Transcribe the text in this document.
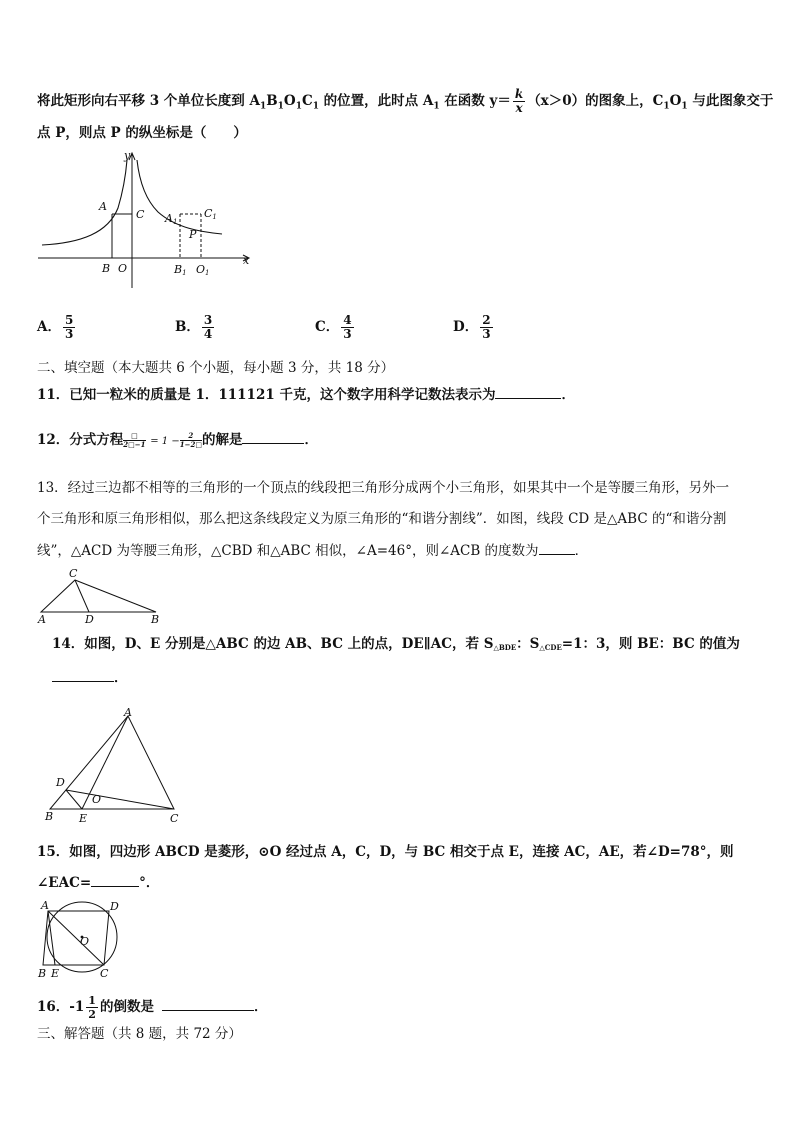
将此矩形向右平移 3 个单位长度到 $A_1B_1O_1C_1$ 的位置，此时点 $A_1$ 在函数 $y= \frac{k}{x} (x>0)$的图象上，$C_1O_1$ 与此图象交于
点 P，则点 P 的纵坐标是（　　）
y
x
A
C
B O
A1
C1
P
B1 O1
A． $\frac{5}{3}$	B． $\frac{3}{4}$	C． $\frac{4}{3}$	D． $\frac{2}{3}$
二、填空题（本大题共 6 个小题，每小题 3 分，共 18 分）
11．已知一粒米的质量是 1．111121 千克，这个数字用科学记数法表示为	．
12．分式方程	□
2□−1 = $1 - \frac{2}{1-2□}$ 的解是	．
13．经过三边都不相等的三角形的一个顶点的线段把三角形分成两个小三角形，如果其中一个是等腰三角形，另外一
个三角形和原三角形相似，那么把这条线段定义为原三角形的“和谐分割线”．如图，线段 CD 是△ABC 的“和谐分割
线”，△ACD 为等腰三角形，△CBD 和△ABC 相似，∠A=46°，则∠ACB 的度数为	．
C
A	D	B
14．如图，D、E 分别是△ABC 的边 AB、BC 上的点，DE∥AC，若 S△BDE：S△CDE=1：3，则 BE：BC 的值为
．
A
D
O
B E	C
15．如图，四边形 ABCD 是菱形，⊙O 经过点 A，C，D，与 BC 相交于点 E，连接 AC，AE，若∠D=78°，则
∠EAC=	°．
A	D
O
B E	C
16．$-1 \frac{1}{2}$ 的倒数是	．
三、解答题（共 8 题，共 72 分）
